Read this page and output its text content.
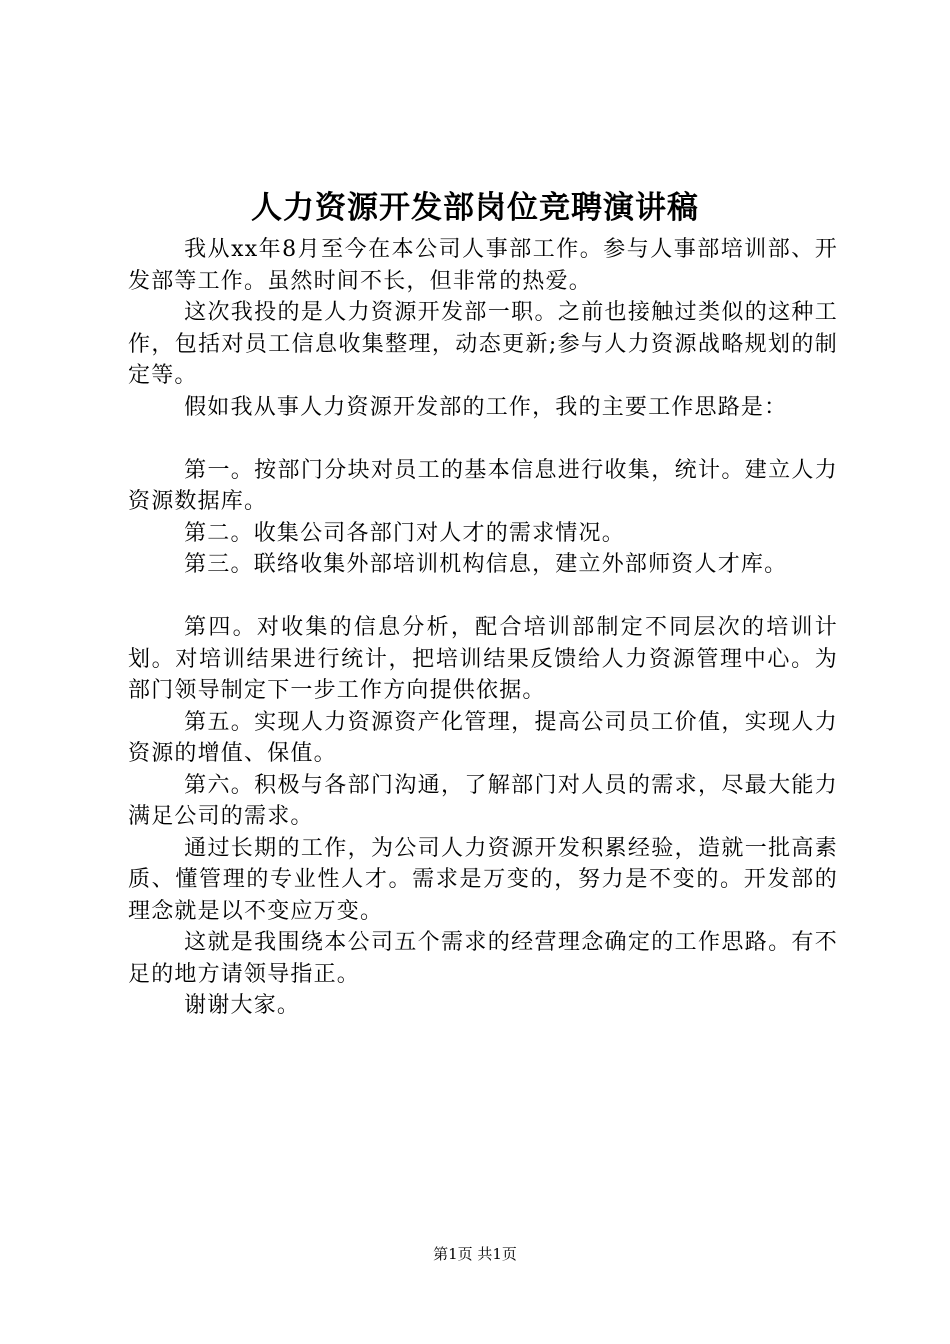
人力资源开发部岗位竞聘演讲稿

我从xx年8月至今在本公司人事部工作。参与人事部培训部、开发部等工作。虽然时间不长，但非常的热爱。

这次我投的是人力资源开发部一职。之前也接触过类似的这种工作，包括对员工信息收集整理，动态更新;参与人力资源战略规划的制定等。

假如我从事人力资源开发部的工作，我的主要工作思路是：

第一。按部门分块对员工的基本信息进行收集，统计。建立人力资源数据库。

第二。收集公司各部门对人才的需求情况。

第三。联络收集外部培训机构信息，建立外部师资人才库。

第四。对收集的信息分析，配合培训部制定不同层次的培训计划。对培训结果进行统计，把培训结果反馈给人力资源管理中心。为部门领导制定下一步工作方向提供依据。

第五。实现人力资源资产化管理，提高公司员工价值，实现人力资源的增值、保值。

第六。积极与各部门沟通，了解部门对人员的需求，尽最大能力满足公司的需求。

通过长期的工作，为公司人力资源开发积累经验，造就一批高素质、懂管理的专业性人才。需求是万变的，努力是不变的。开发部的理念就是以不变应万变。

这就是我围绕本公司五个需求的经营理念确定的工作思路。有不足的地方请领导指正。

谢谢大家。

第1页 共1页
